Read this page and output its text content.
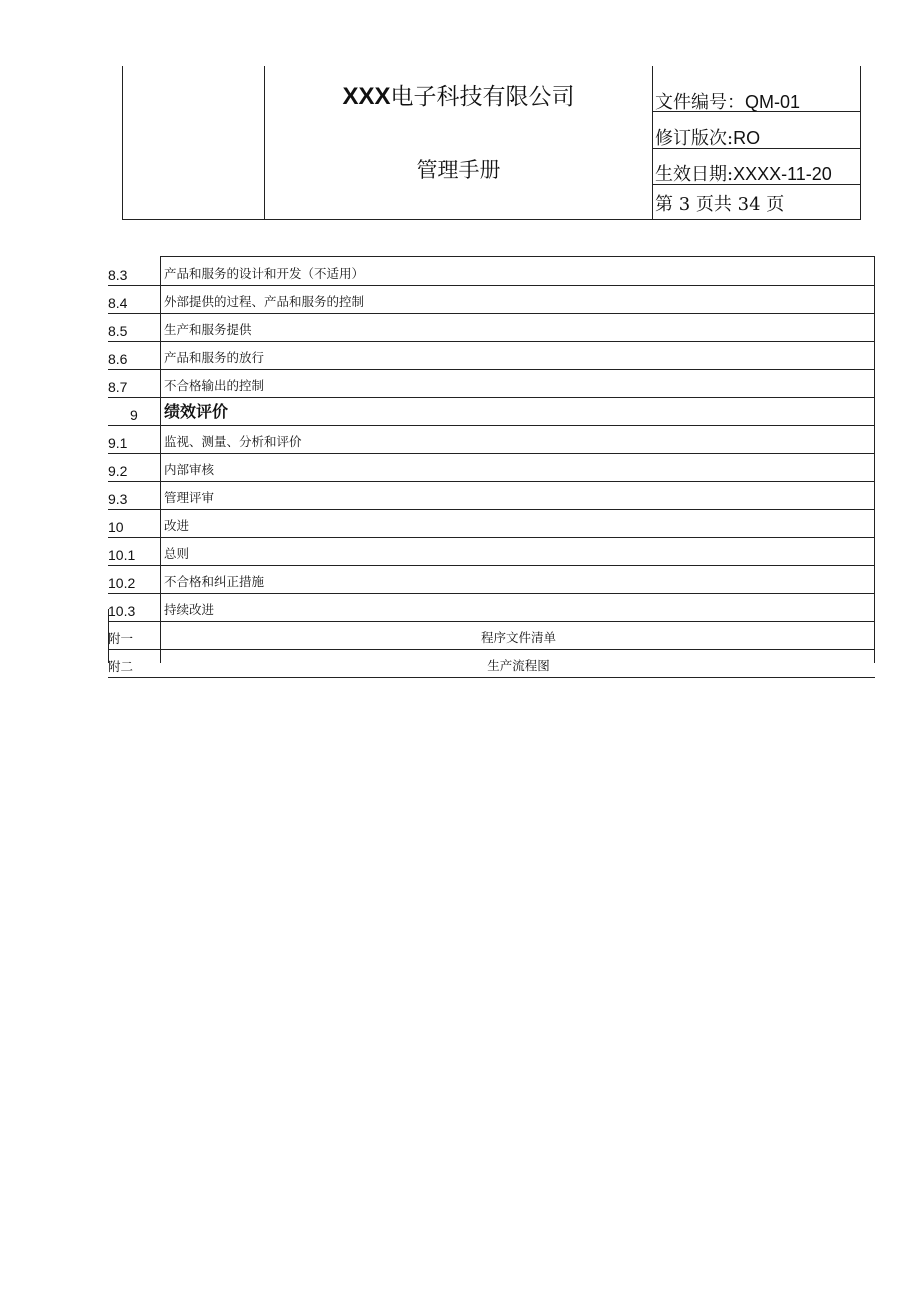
XXX电子科技有限公司
管理手册
文件编号：QM-01
修订版次:RO
生效日期:XXXX-11-20
第 3 页共 34 页
8.3	产品和服务的设计和开发（不适用）
8.4	外部提供的过程、产品和服务的控制
8.5	生产和服务提供
8.6	产品和服务的放行
8.7	不合格输出的控制
9 绩效评价
9.1	监视、测量、分析和评价
9.2	内部审核
9.3	管理评审
10	改进
10.1 总则
10.2 不合格和纠正措施
10.3 持续改进
附一	程序文件清单
附二	生产流程图
